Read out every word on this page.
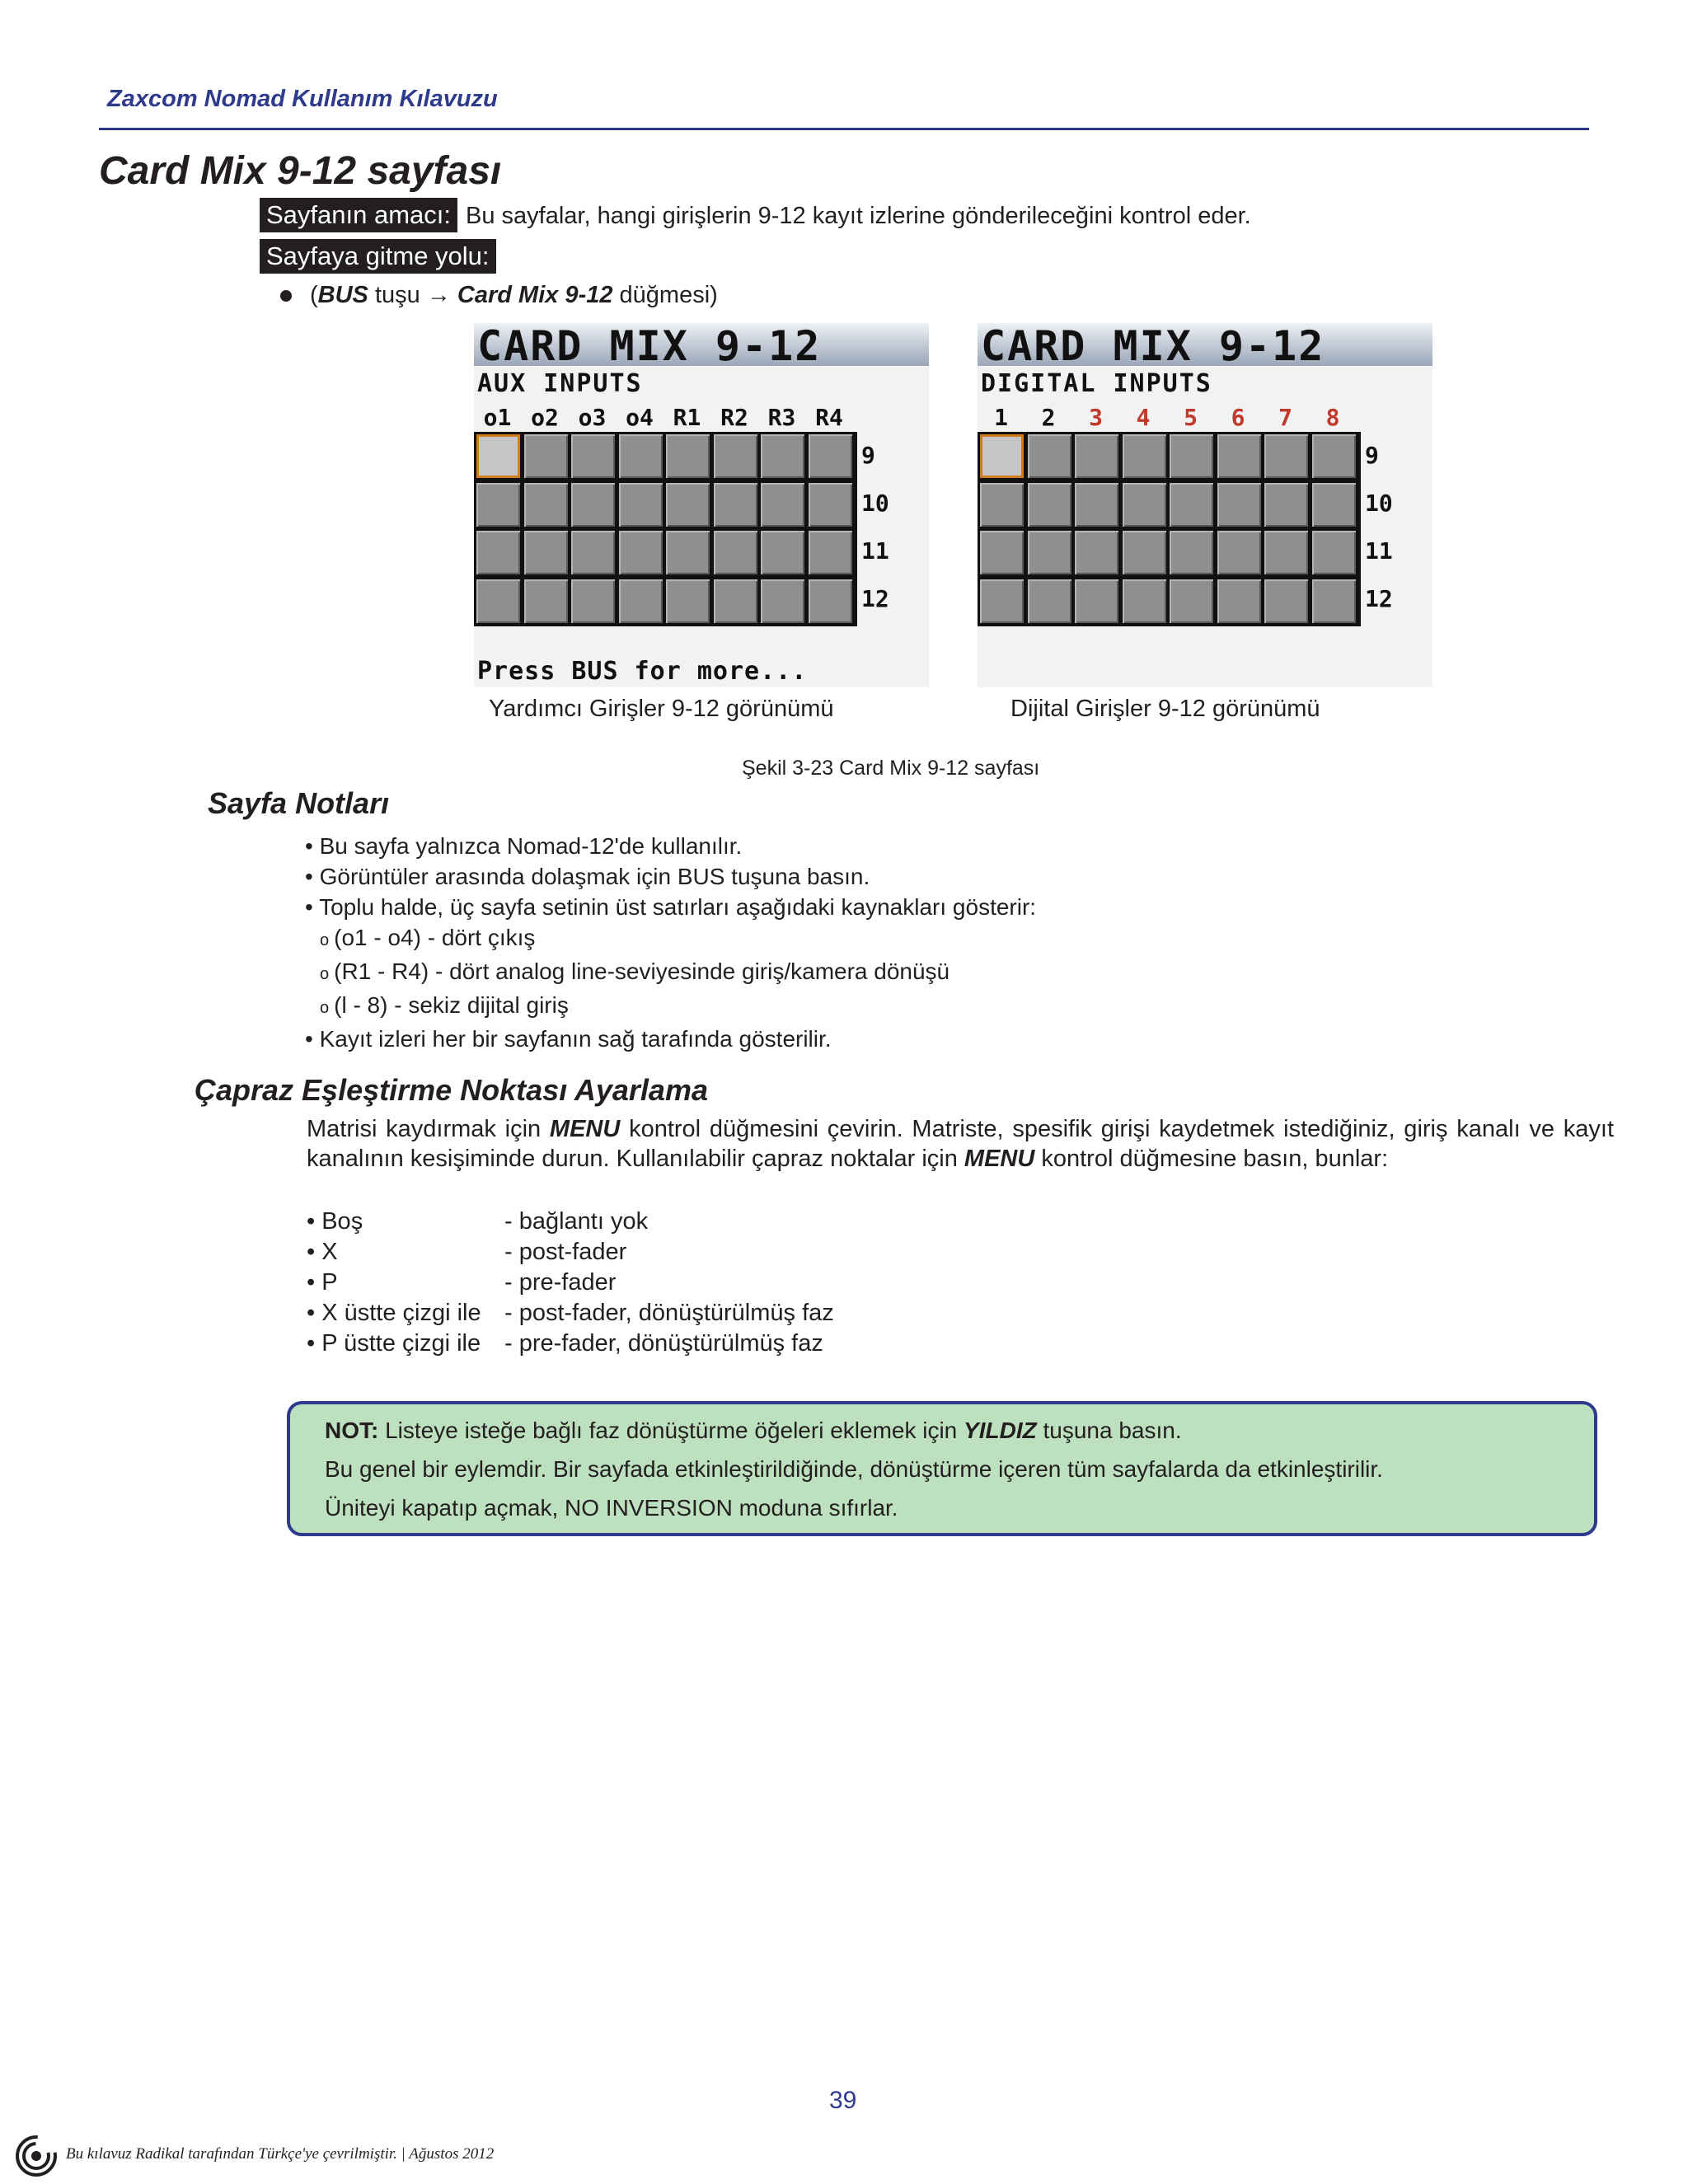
Zaxcom Nomad Kullanım Kılavuzu
Card Mix 9-12 sayfası
Sayfanın amacı: Bu sayfalar, hangi girişlerin 9-12 kayıt izlerine gönderileceğini kontrol eder.
Sayfaya gitme yolu:
(BUS tuşu → Card Mix 9-12 düğmesi)
CARD MIX 9-12
AUX INPUTS
o1 o2 o3 o4 R1 R2 R3 R4
9
10
11
12
Press BUS for more...
Yardımcı Girişler 9-12 görünümü
CARD MIX 9-12
DIGITAL INPUTS
1	2	3	4	5	6	7	8
9
10
11
12
Dijital Girişler 9-12 görünümü
Şekil 3-23 Card Mix 9-12 sayfası
Sayfa Notları
• Bu sayfa yalnızca Nomad-12'de kullanılır.
• Görüntüler arasında dolaşmak için BUS tuşuna basın.
• Toplu halde, üç sayfa setinin üst satırları aşağıdaki kaynakları gösterir:
o (o1 - o4) - dört çıkış
o (R1 - R4) - dört analog line-seviyesinde giriş/kamera dönüşü
o (l - 8) - sekiz dijital giriş
• Kayıt izleri her bir sayfanın sağ tarafında gösterilir.
Çapraz Eşleştirme Noktası Ayarlama
Matrisi kaydırmak için MENU kontrol düğmesini çevirin. Matriste, spesifik girişi kaydetmek istediğiniz, giriş kanalı ve kayıt kanalının kesişiminde durun. Kullanılabilir çapraz noktalar için MENU kontrol düğmesine basın, bunlar:
• Boş	- bağlantı yok
• X	- post-fader
• P	- pre-fader
• X üstte çizgi ile - post-fader, dönüştürülmüş faz
• P üstte çizgi ile - pre-fader, dönüştürülmüş faz
NOT: Listeye isteğe bağlı faz dönüştürme öğeleri eklemek için YILDIZ tuşuna basın.
Bu genel bir eylemdir. Bir sayfada etkinleştirildiğinde, dönüştürme içeren tüm sayfalarda da etkinleştirilir.
Üniteyi kapatıp açmak, NO INVERSION moduna sıfırlar.
39
Bu kılavuz Radikal tarafından Türkçe'ye çevrilmiştir. | Ağustos 2012
